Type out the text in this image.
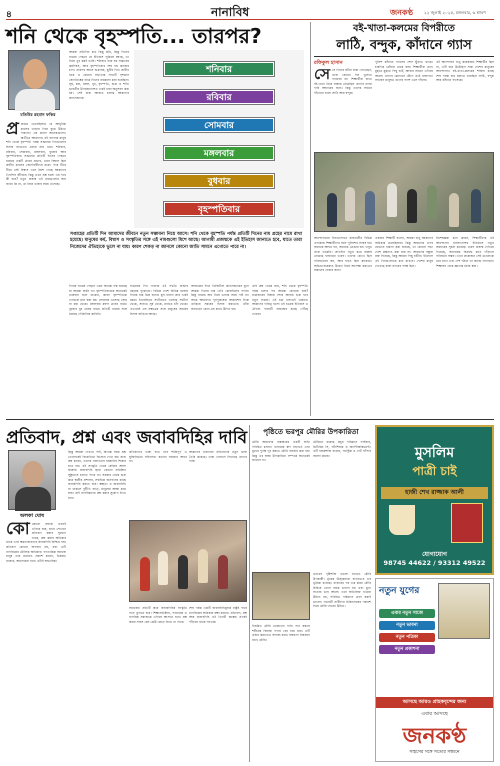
৪	নানাবিধ	জনকণ্ঠ	২২ জুলাই ২০২৫, মঙ্গলবার, ৬ শ্রাবণ ১৪৩২
শনি থেকে বৃহস্পতি... তারপর?
মতিউর রহমান ফকির
প্র প্রথমে ভেবেছিলাম যে আধুনিক কালের তাড়না দিয়ে বুঝে উঠতে পারবো। এর কারণ অনেকগুলো। অতীতে আমাদের এই বাংলার মানুষ শনি থেকে বৃহস্পতি পর্যন্ত সপ্তাহের দিনগুলোর হিসাব রাখতেন গ্রহের নাম ধরে। শনিবার, রবিবার, সোমবার, মঙ্গলবার, বুধবার আর বৃহস্পতিবার। সপ্তাহের প্রতিটি দিনের পেছনে রয়েছে একটি গ্রহের প্রভাব, এমন বিশ্বাস ছিল প্রাচীন কালের জ্যোতিষীদের মধ্যে। পরে ধীরে ধীরে সেই বিশ্বাস এসে মিশে গেছে আমাদের দৈনন্দিন জীবনে। কিন্তু এখন প্রশ্ন হলো এর পরে কী হবে? নতুন প্রজন্ম এই নামগুলোর অর্থ জানে কি না, তা নিয়ে ভাবার সময় এসেছে।
আমরা প্রতিদিন কত কিছু করি, কিন্তু দিনের নামের পেছনে যে ইতিহাস লুকিয়ে আছে, তা নিয়ে খুব কমই ভাবি। শনিবার শুরু হয় সপ্তাহের কর্মদিবস, আর বৃহস্পতিবার শেষ হয় কাজের চাপ। তারপর আসে শুক্রবার, ছুটির দিন। প্রাচীন গ্রিক ও রোমান সভ্যতায় সাতটি দৃশ্যমান জ্যোতিষ্কের নামে দিনের নামকরণ করা হয়েছিল। সূর্য, চন্দ্র, মঙ্গল, বুধ, বৃহস্পতি, শুক্র ও শনি। ভারতীয় উপমহাদেশেও একই ধারা অনুসরণ করা হয়। সেই ধারা আজও চলছে আমাদের ক্যালেন্ডারে।
শনিবার
রবিবার
সোমবার
মঙ্গলবার
বুধবার
বৃহস্পতিবার
সপ্তাহের প্রতিটি দিন আমাদের জীবনে নতুন সম্ভাবনা নিয়ে আসে। শনি থেকে বৃহস্পতি পর্যন্ত প্রতিটি দিনের নাম গ্রহের নামে রাখা হয়েছে। মানুষের কর্ম, বিশ্বাস ও সংস্কৃতির সঙ্গে এই নামগুলো মিশে আছে। আগামী প্রজন্মকে এই ইতিহাস জানাতে হবে, যাতে তারা নিজেদের ঐতিহ্যকে ভুলে না যায়। কারণ শেকড় না জানলে কোনো জাতি সামনে এগোতে পারে না।
দিনের নামের পেছনে এমন অনেক গল্প রয়েছে যা আমরা জানি না। বৃহস্পতিবারকে অনেকেই গুরুবার বলে থাকেন, কারণ বৃহস্পতিকে দেবগুরু মনে করা হয়। সোমবার এসেছে সোম বা চন্দ্র থেকে। মঙ্গলবার মঙ্গল গ্রহের নামে। বুধবার বুধ গ্রহের নামে। প্রতিটি নামের সঙ্গে রয়েছে পৌরাণিক কাহিনি।
সপ্তাহের দিন গণনার এই পদ্ধতি হাজার বছরের পুরোনো। বিভিন্ন দেশে বিভিন্ন ভাষায় দিনের নাম ভিন্ন হলেও মূল ধারণা প্রায় একই রকম। ইংরেজিতে স্যাটারডে এসেছে স্যাটার্ন থেকে, সানডে সূর্য থেকে, মানডে চাঁদ থেকে। এভাবেই গ্রহ নক্ষত্রের সঙ্গে মানুষের সময়ের হিসাব জড়িয়ে আছে।
আজকের দিনে ডিজিটাল ক্যালেন্ডারের যুগে আমরা দিনের নাম দেখি মোবাইলের পর্দায়। কিন্তু নামের অর্থ নিয়ে ভাবার সময় পাই না। অথচ আমাদের পূর্বপুরুষেরা আকাশের দিকে তাকিয়ে সময়ের হিসাব করতেন। তাঁরা জানতেন কোন গ্রহ কখন উদিত হয়।
তাই প্রশ্ন থেকে যায়, শনি থেকে বৃহস্পতি পর্যন্ত চলার পর আমরা কোথায় যাব? শুক্রবারের বিশ্রাম শেষে আবার শুরু হবে নতুন সপ্তাহ। এই চক্র চলতেই থাকবে। আমাদের দায়িত্ব হলো এই চক্রের ইতিহাস ও ঐতিহ্য পরবর্তী প্রজন্মের কাছে পৌঁছে দেওয়া।
বই-খাতা-কলমের বিপরীতে
লাঠি, বন্দুক, কাঁদানে গ্যাস
রফিকুল হাসান
সেসে দিনের ঘটনা যারা দেখেছেন, তারা কোনো দিন ভুলতে পারবেন না। শিক্ষার্থীরা হাতে বই-খাতা নিয়ে রাস্তায় নেমেছিল তাদের ন্যায্য দাবি আদায়ের জন্য। কিন্তু তাদের সামনে দাঁড়ানো হলো লাঠি আর বন্দুক।
পুলিশ কাঁদানে গ্যাসের শেল ছুঁড়তে থাকে। চারদিক ধোঁয়ায় ঢেকে যায়। শিক্ষার্থীরা চোখ মুছতে মুছতে পিছু হটে, আবার সামনে এগিয়ে আসে। তাদের স্লোগানে কেঁপে ওঠে রাজপথ। সাধারণ মানুষও তাদের পাশে এসে দাঁড়ায়।
এই আন্দোলন শুধু কয়েকজন শিক্ষার্থীর ছিল না, এটি হয়ে উঠেছিল সারা দেশের মানুষের আন্দোলন। বই-খাতা-কলমের শক্তির কাছে শেষ পর্যন্ত হার মানতে হয়েছিল লাঠি, বন্দুক আর কাঁদানে গ্যাসকে।
আন্দোলনের দিনগুলোতে রাজধানীর বিভিন্ন এলাকায় শিক্ষার্থীদের সঙ্গে পুলিশের সংঘর্ষ হয়। অনেকে আহত হন, অনেকে গ্রেপ্তার হন। তবুও তারা থামেনি। প্রতিদিন নতুন করে রাস্তায় নেমেছে হাজারো তরুণ। তাদের চোখে ছিল পরিবর্তনের স্বপ্ন, আর হাতে ছিল প্ল্যাকার্ড। অভিভাবকেরাও উদ্বেগ নিয়ে অপেক্ষা করতেন সন্তানের ফেরার জন্য।
একজন শিক্ষার্থী বলেন, আমরা শুধু আমাদের অধিকার চেয়েছিলাম। কিন্তু আমাদের ওপর যেভাবে হামলা করা হয়েছে, তা কোনো সভ্য দেশে কল্পনাও করা যায় না। আমাদের বন্ধুরা রক্ত দিয়েছে, কিন্তু আমরা পিছু হটিনি। ইতিহাস এই দিনগুলোকে মনে রাখবে। দেশের মানুষ দেখেছে কারা ন্যায়ের পক্ষে ছিল।
বিশেষজ্ঞরা মনে করেন, শিক্ষার্থীদের এই আন্দোলন বাংলাদেশের ইতিহাসে নতুন অধ্যায়ের সূচনা করেছে। তরুণ প্রজন্ম দেখিয়ে দিয়েছে, অন্যায়ের বিরুদ্ধে রুখে দাঁড়ালে পরিবর্তন সম্ভব। এখন প্রয়োজন সেই চেতনাকে ধরে রাখা এবং দেশ গঠনে তা কাজে লাগানো। শিক্ষাঙ্গন হোক জ্ঞানের চর্চার স্থান।
প্রতিবাদ, প্রশ্ন এবং জবাবদিহির দাবি
অলকা ঘোষ
কোকোনো সমাজ তখনই এগিয়ে যায়, যখন সেখানে প্রতিবাদ করার সুযোগ থাকে, প্রশ্ন করার অধিকার থাকে এবং ক্ষমতাবানদের জবাবদিহি নিশ্চিত হয়। প্রতিবাদ কোনো অপরাধ নয়, বরং এটি নাগরিকের মৌলিক অধিকার। গণতান্ত্রিক সমাজে মানুষ তার মতামত প্রকাশ করবে, ভিন্নমত থাকবে, আলোচনা হবে। এটাই স্বাভাবিক।
কিন্তু আমরা দেখতে পাই, অনেক সময় প্রশ্ন তোলাকেই বিরোধিতা হিসেবে দেখা হয়। যারা প্রশ্ন করেন, তাদের নানাভাবে হয়রানির শিকার হতে হয়। এই সংস্কৃতি থেকে বেরিয়ে আসা জরুরি। জবাবদিহি ছাড়া কোনো প্রতিষ্ঠান সুষ্ঠুভাবে চলতে পারে না। সরকার থেকে শুরু করে স্থানীয় প্রশাসন, সবাইকে জনগণের কাছে জবাবদিহি করতে হবে। স্বচ্ছতা ও জবাবদিহি না থাকলে দুর্নীতি বাড়ে, মানুষের আস্থা কমে যায়। তাই নাগরিকদের প্রশ্ন করার সুযোগ দিতে হবে।
প্রতিবাদের ভাষা হতে হবে শান্তিপূর্ণ ও যুক্তিনির্ভর। সহিংসতা কখনো সমাধান আনে না।
আমাদের তরুণেরা প্রতিবাদের নতুন ভাষা তৈরি করেছে। তারা দেয়ালে লিখেছে তাদের দাবি।
সমাজের প্রতিটি স্তরে জবাবদিহির সংস্কৃতি গড়ে তুলতে হবে। শিক্ষাপ্রতিষ্ঠান, গণমাধ্যম ও নাগরিক সমাজকে এগিয়ে আসতে হবে। প্রশ্ন করার সাহস যেন কেউ কেড়ে নিতে না পারে।
শেষ পর্যন্ত একটি জবাবদিহিমূলক রাষ্ট্রই পারে নাগরিকের অধিকার রক্ষা করতে। প্রতিবাদ, প্রশ্ন আর জবাবদিহি এই তিনটি স্তম্ভের ওপরই দাঁড়িয়ে থাকে গণতন্ত্র।
পৃষ্ঠিতে ভরপুর মৌরির উপকারিতা
মৌরি আমাদের রান্নাঘরের একটি অতি পরিচিত মসলা। খাবারের স্বাদ বাড়াতে এবং মুখের দুর্গন্ধ দূর করতে মৌরি ব্যবহার করা হয়। কিন্তু এর স্বাস্থ্য উপকারিতা সম্পর্কে অনেকেই জানেন না।
মৌরিতে রয়েছে প্রচুর পরিমাণে ফাইবার, ভিটামিন সি, পটাশিয়াম ও অ্যান্টিঅক্সিডেন্ট। এটি হজমশক্তি বাড়ায়, গ্যাস্ট্রিক ও পেট ফাঁপার সমস্যা কমায়।
নিয়মিত মৌরি ভেজানো পানি পান করলে শরীরের বিষাক্ত পদার্থ বের হয়ে যায়। এটি ওজন কমাতেও সাহায্য করে। রক্তচাপ নিয়ন্ত্রণে রাখে মৌরি।
চোখের দৃষ্টিশক্তি ভালো রাখতে মৌরি উপকারী। ত্বকের উজ্জ্বলতা বাড়াতেও এর ভূমিকা রয়েছে। খাবারের পর এক চামচ মৌরি চিবিয়ে খেলে হজম ভালো হয় এবং মুখে সতেজ ভাব আসে। তবে অতিরিক্ত খাওয়া উচিত নয়, পরিমিত পরিমাণে গ্রহণ করাই ভালো। গর্ভবতী নারীদের চিকিৎসকের পরামর্শ নিয়ে মৌরি খাওয়া উচিত।
মুসলিম
পাত্রী চাই
হাজী শেখ রাজ্জাক আলী
যোগাযোগ
98745 44622 / 93312 49522
নতুন যুগের
এবার নতুন সাজে
নতুন ভাবনা
নতুন পত্রিকা
নতুন প্রকাশনা
আসছে আরও গ্রাহকবৃন্দের জন্য
এবার আসছে
জনকণ্ঠ
সাহসের সঙ্গে সত্যের সন্ধানে
